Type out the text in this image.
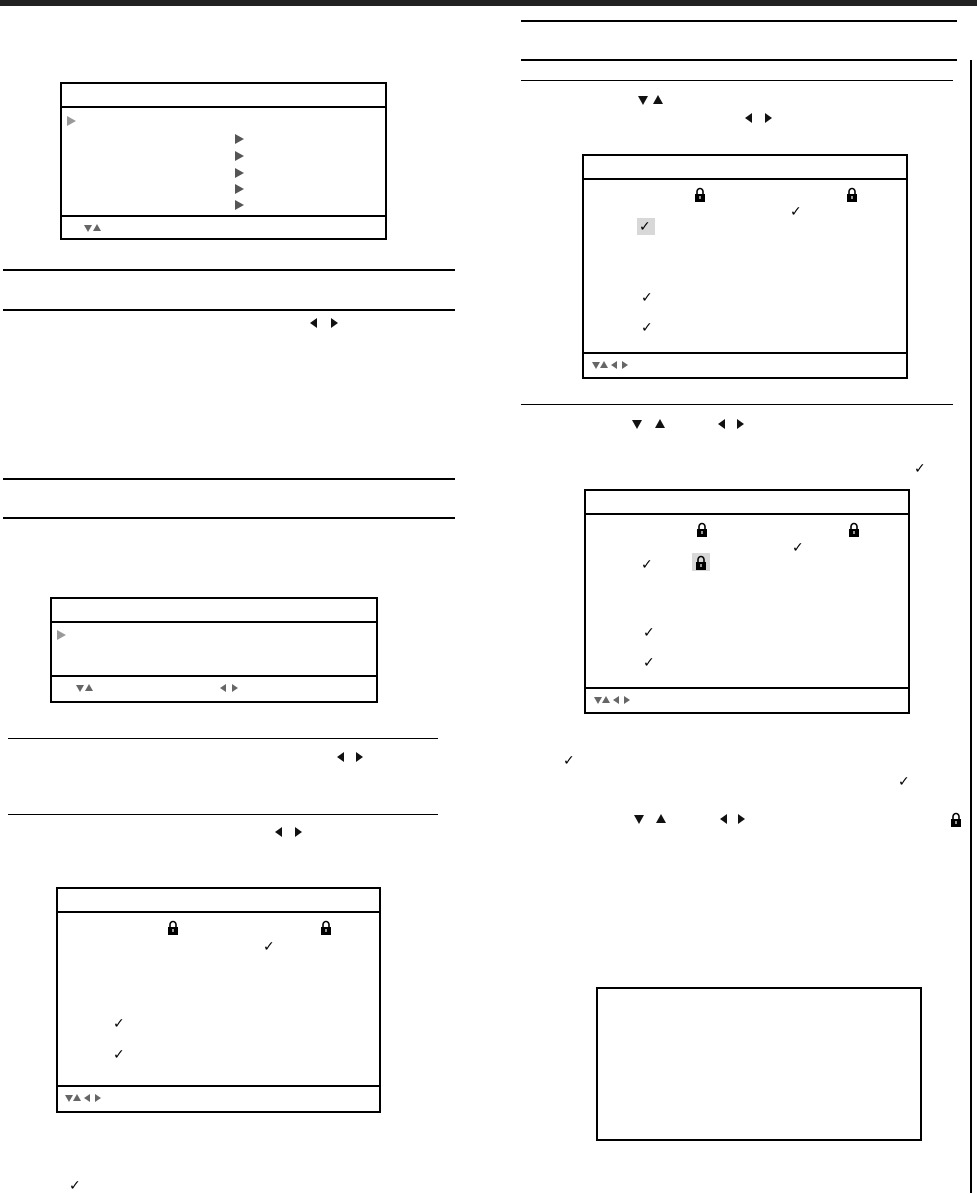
✓
✓
✓
✓
✓
✓
✓
✓
✓
✓
✓
✓
✓
✓
✓
